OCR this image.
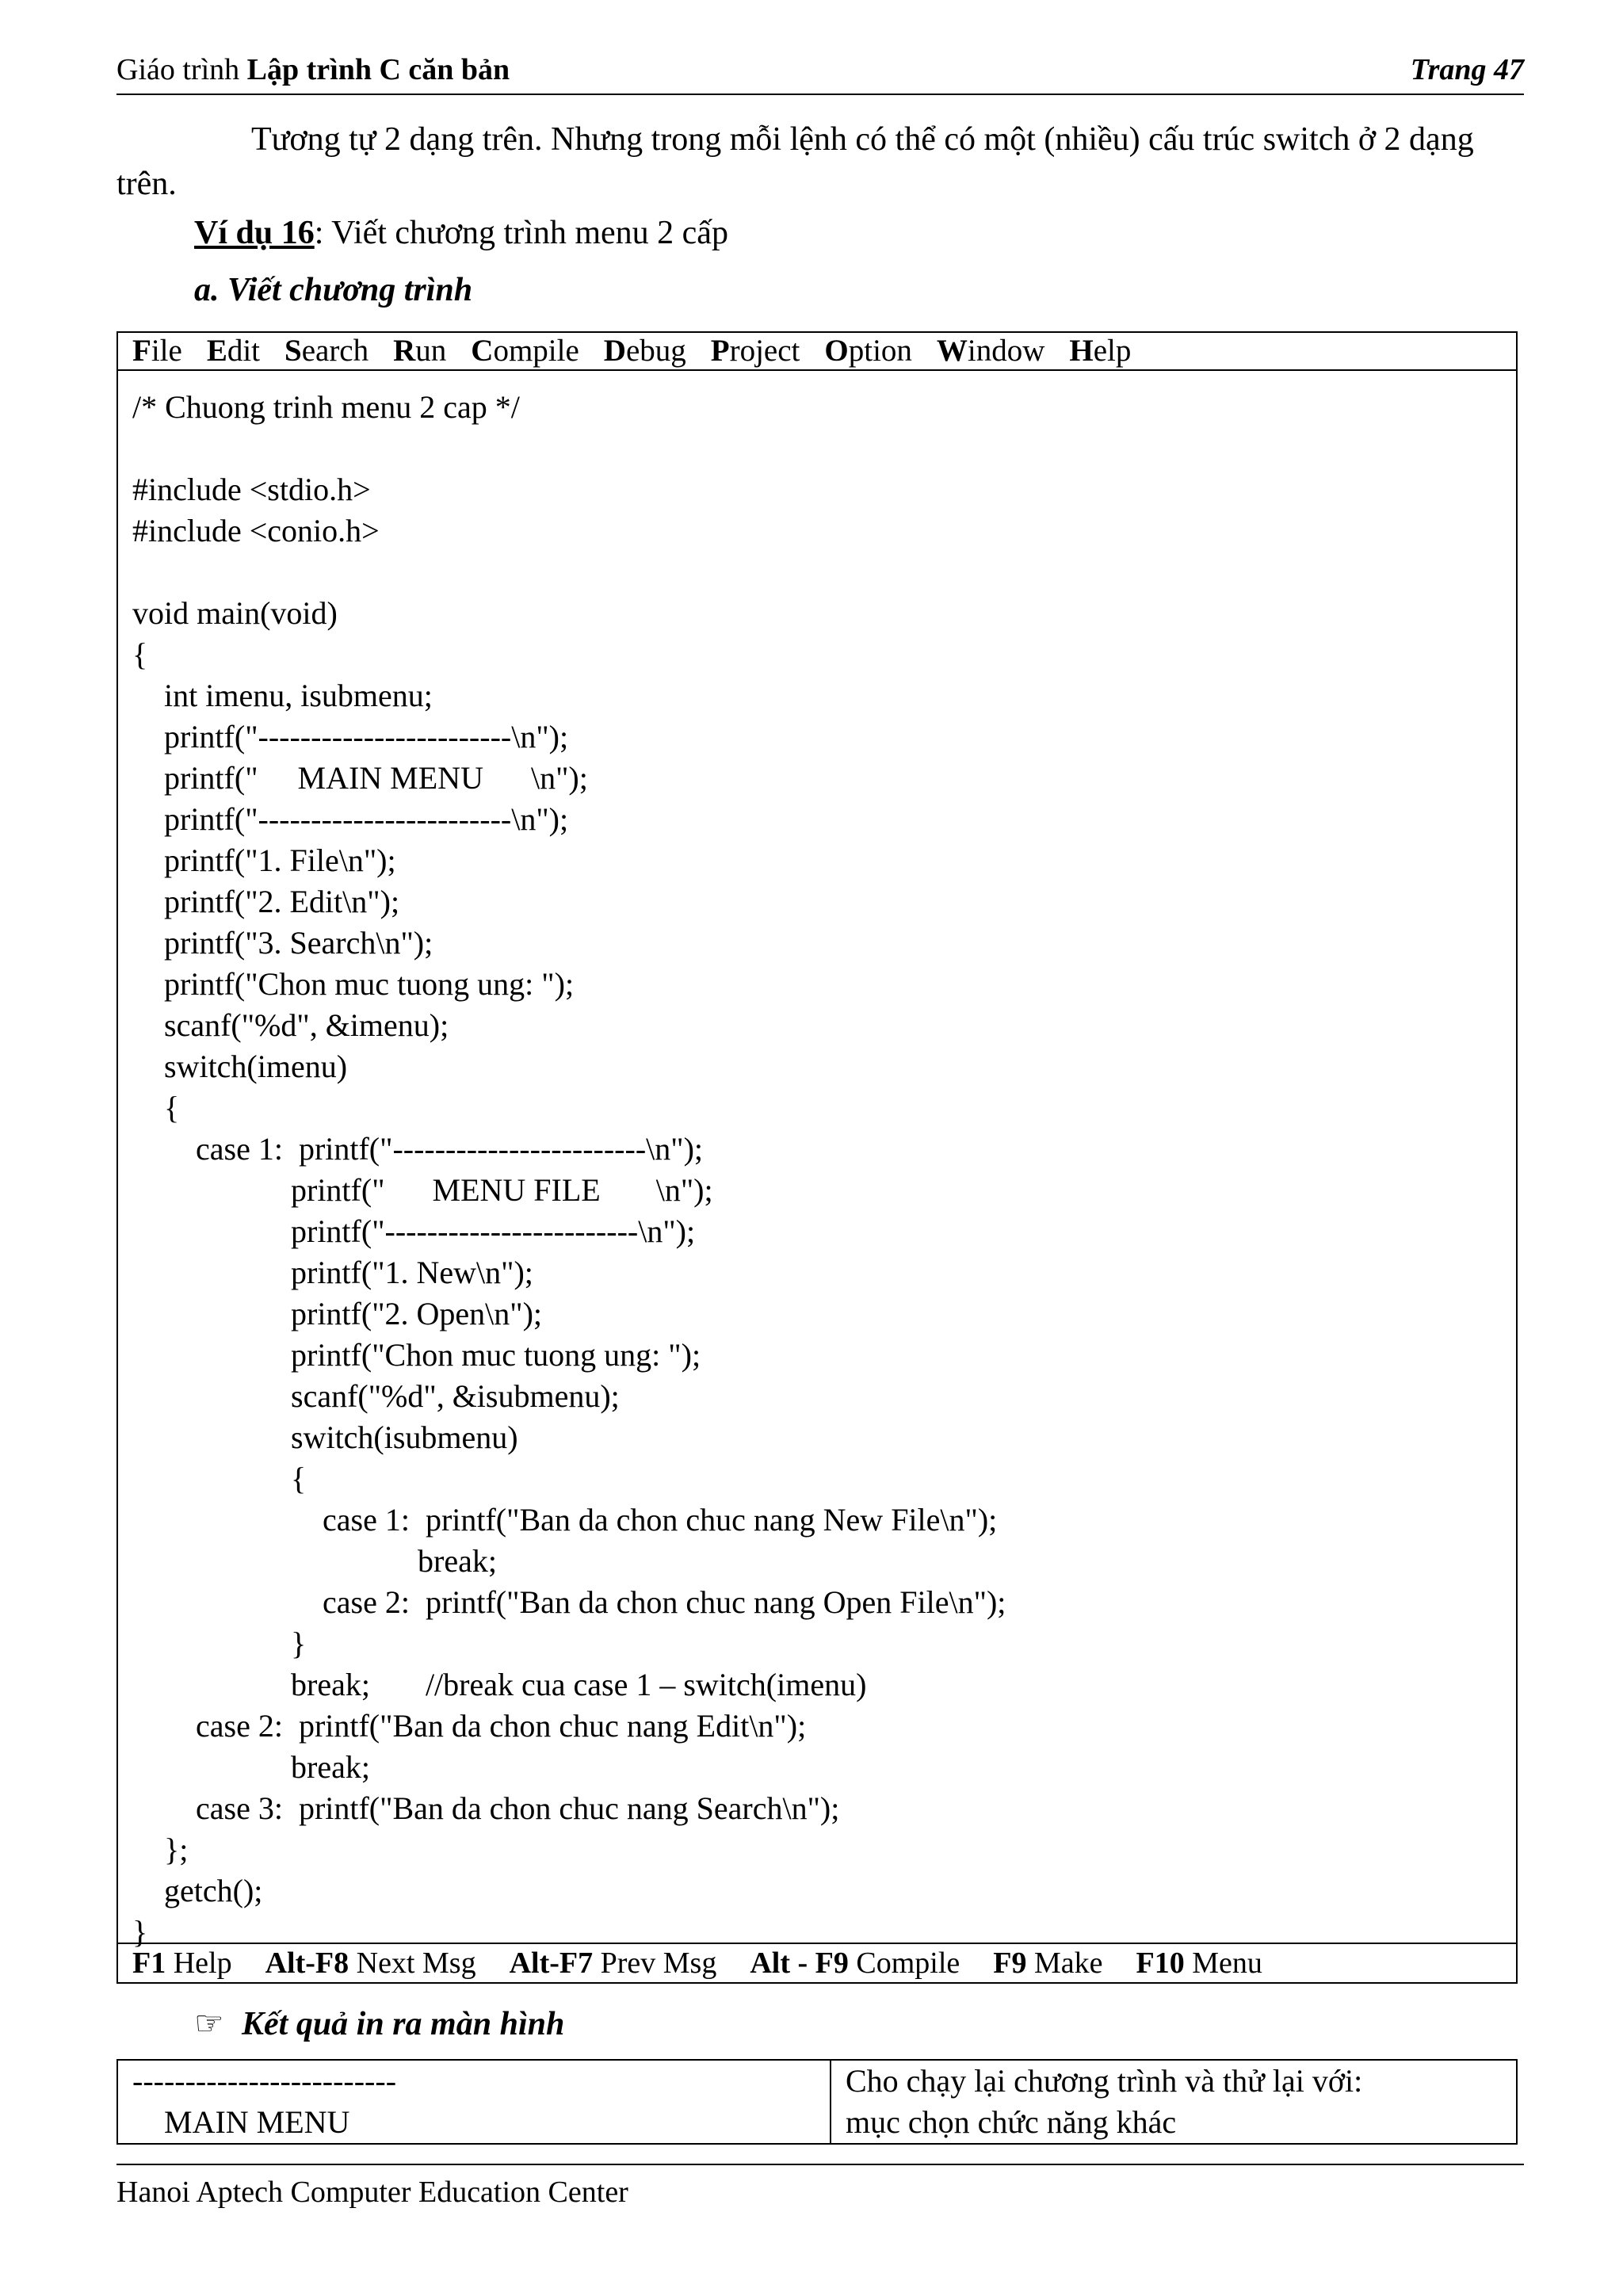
Giáo trình Lập trình C căn bản	Trang 47
Tương tự 2 dạng trên. Nhưng trong mỗi lệnh có thể có một (nhiều) cấu trúc switch ở 2 dạng trên.
Ví dụ 16: Viết chương trình menu 2 cấp
a. Viết chương trình
File Edit Search Run Compile Debug Project Option Window Help
/* Chuong trinh menu 2 cap */

#include <stdio.h>
#include <conio.h>

void main(void)
{
int imenu, isubmenu;
printf("------------------------\n");
printf("     MAIN MENU      \n");
printf("------------------------\n");
printf("1. File\n");
printf("2. Edit\n");
printf("3. Search\n");
printf("Chon muc tuong ung: ");
scanf("%d", &imenu);
switch(imenu)
{
case 1:  printf("------------------------\n");
printf("      MENU FILE       \n");
printf("------------------------\n");
printf("1. New\n");
printf("2. Open\n");
printf("Chon muc tuong ung: ");
scanf("%d", &isubmenu);
switch(isubmenu)
{
case 1:  printf("Ban da chon chuc nang New File\n");
break;
case 2:  printf("Ban da chon chuc nang Open File\n");
}
break;       //break cua case 1 – switch(imenu)
case 2:  printf("Ban da chon chuc nang Edit\n");
break;
case 3:  printf("Ban da chon chuc nang Search\n");
};
getch();
}
F1 Help Alt-F8 Next Msg Alt-F7 Prev Msg Alt - F9 Compile F9 Make F10 Menu
☞ Kết quả in ra màn hình
-------------------------
MAIN MENU
Cho chạy lại chương trình và thử lại với:
mục chọn chức năng khác
Hanoi Aptech Computer Education Center
